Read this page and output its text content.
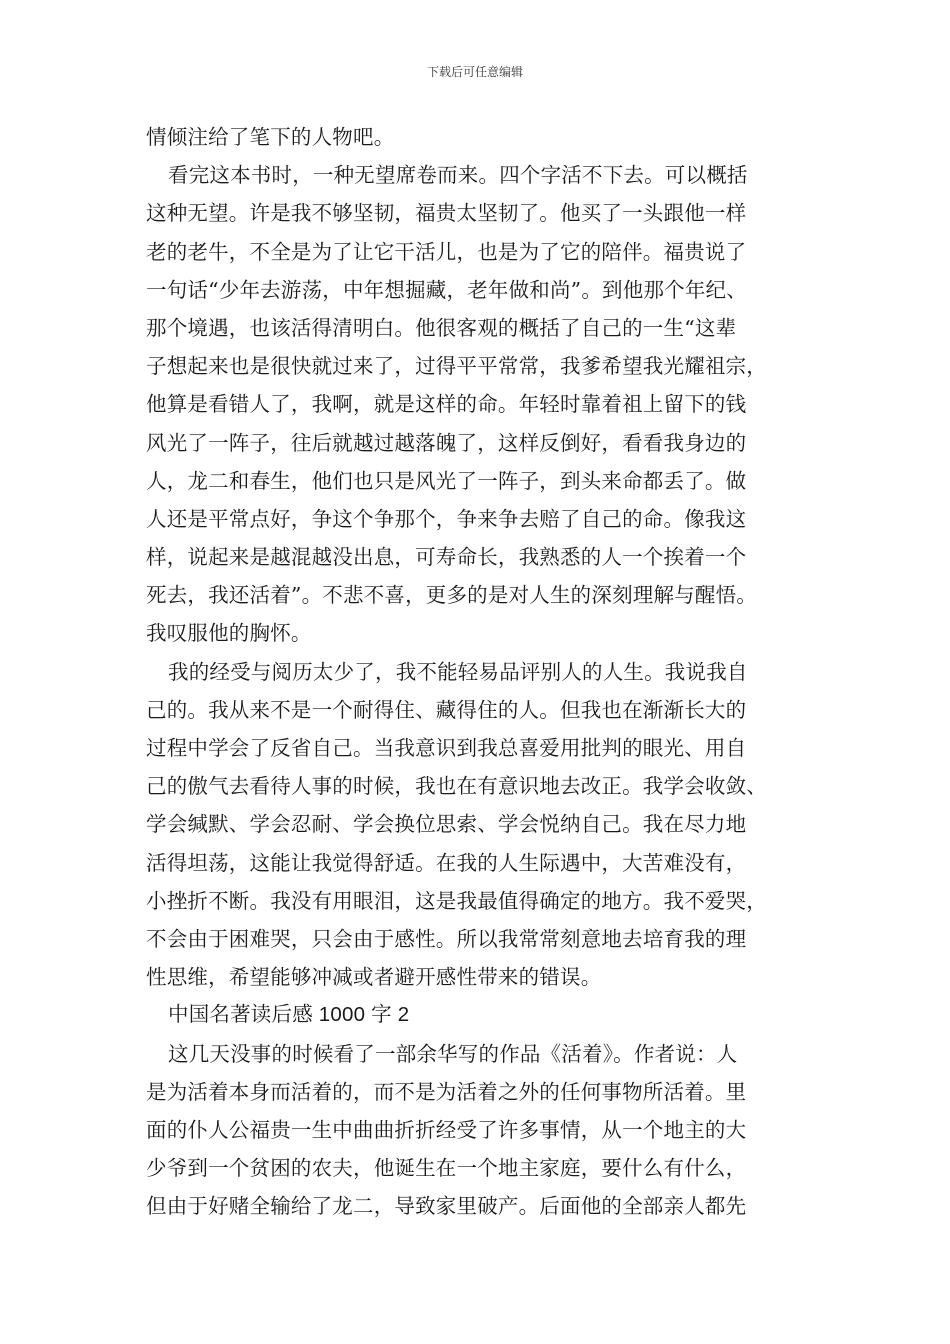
下载后可任意编辑
情倾注给了笔下的人物吧。
看完这本书时，一种无望席卷而来。四个字活不下去。可以概括
这种无望。许是我不够坚韧，福贵太坚韧了。他买了一头跟他一样
老的老牛，不全是为了让它干活儿，也是为了它的陪伴。福贵说了
一句话“少年去游荡，中年想掘藏，老年做和尚”。到他那个年纪、
那个境遇，也该活得清明白。他很客观的概括了自己的一生“这辈
子想起来也是很快就过来了，过得平平常常，我爹希望我光耀祖宗，
他算是看错人了，我啊，就是这样的命。年轻时靠着祖上留下的钱
风光了一阵子，往后就越过越落魄了，这样反倒好，看看我身边的
人，龙二和春生，他们也只是风光了一阵子，到头来命都丢了。做
人还是平常点好，争这个争那个，争来争去赔了自己的命。像我这
样，说起来是越混越没出息，可寿命长，我熟悉的人一个挨着一个
死去，我还活着”。不悲不喜，更多的是对人生的深刻理解与醒悟。
我叹服他的胸怀。
我的经受与阅历太少了，我不能轻易品评别人的人生。我说我自
己的。我从来不是一个耐得住、藏得住的人。但我也在渐渐长大的
过程中学会了反省自己。当我意识到我总喜爱用批判的眼光、用自
己的傲气去看待人事的时候，我也在有意识地去改正。我学会收敛、
学会缄默、学会忍耐、学会换位思索、学会悦纳自己。我在尽力地
活得坦荡，这能让我觉得舒适。在我的人生际遇中，大苦难没有，
小挫折不断。我没有用眼泪，这是我最值得确定的地方。我不爱哭，
不会由于困难哭，只会由于感性。所以我常常刻意地去培育我的理
性思维，希望能够冲减或者避开感性带来的错误。
中国名著读后感 1000 字 2
这几天没事的时候看了一部余华写的作品《活着》。作者说：人
是为活着本身而活着的，而不是为活着之外的任何事物所活着。里
面的仆人公福贵一生中曲曲折折经受了许多事情，从一个地主的大
少爷到一个贫困的农夫，他诞生在一个地主家庭，要什么有什么，
但由于好赌全输给了龙二，导致家里破产。后面他的全部亲人都先
